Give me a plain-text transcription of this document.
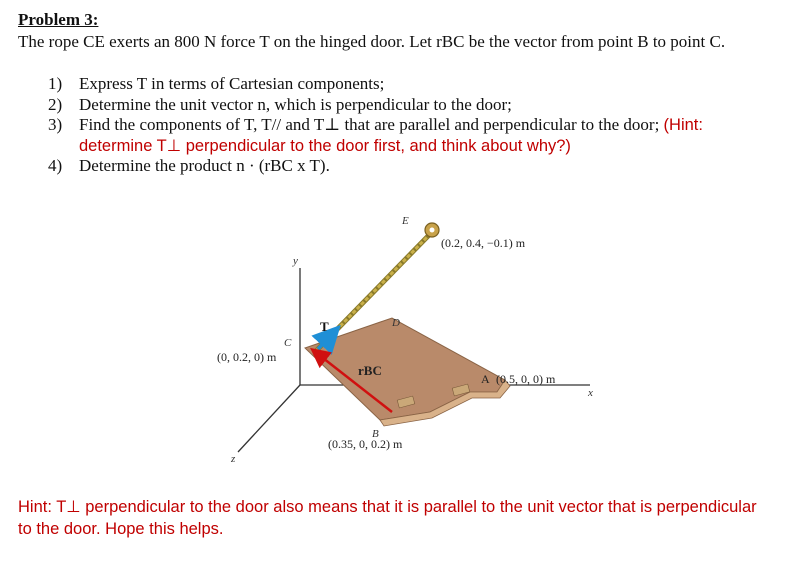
Problem 3:
The rope CE exerts an 800 N force T on the hinged door. Let rBC be the vector from point B to point C.
1) Express T in terms of Cartesian components;
2) Determine the unit vector n, which is perpendicular to the door;
3) Find the components of T, T// and T⊥ that are parallel and perpendicular to the door; (Hint: determine T⊥ perpendicular to the door first, and think about why?)
4) Determine the product n · (rBC x T).
E
(0.2, 0.4, −0.1) m
y
C
(0, 0.2, 0) m
T	D
rBC
A (0.5, 0, 0) m
x
B
(0.35, 0, 0.2) m
z
Hint: T⊥ perpendicular to the door also means that it is parallel to the unit vector that is perpendicular to the door. Hope this helps.
